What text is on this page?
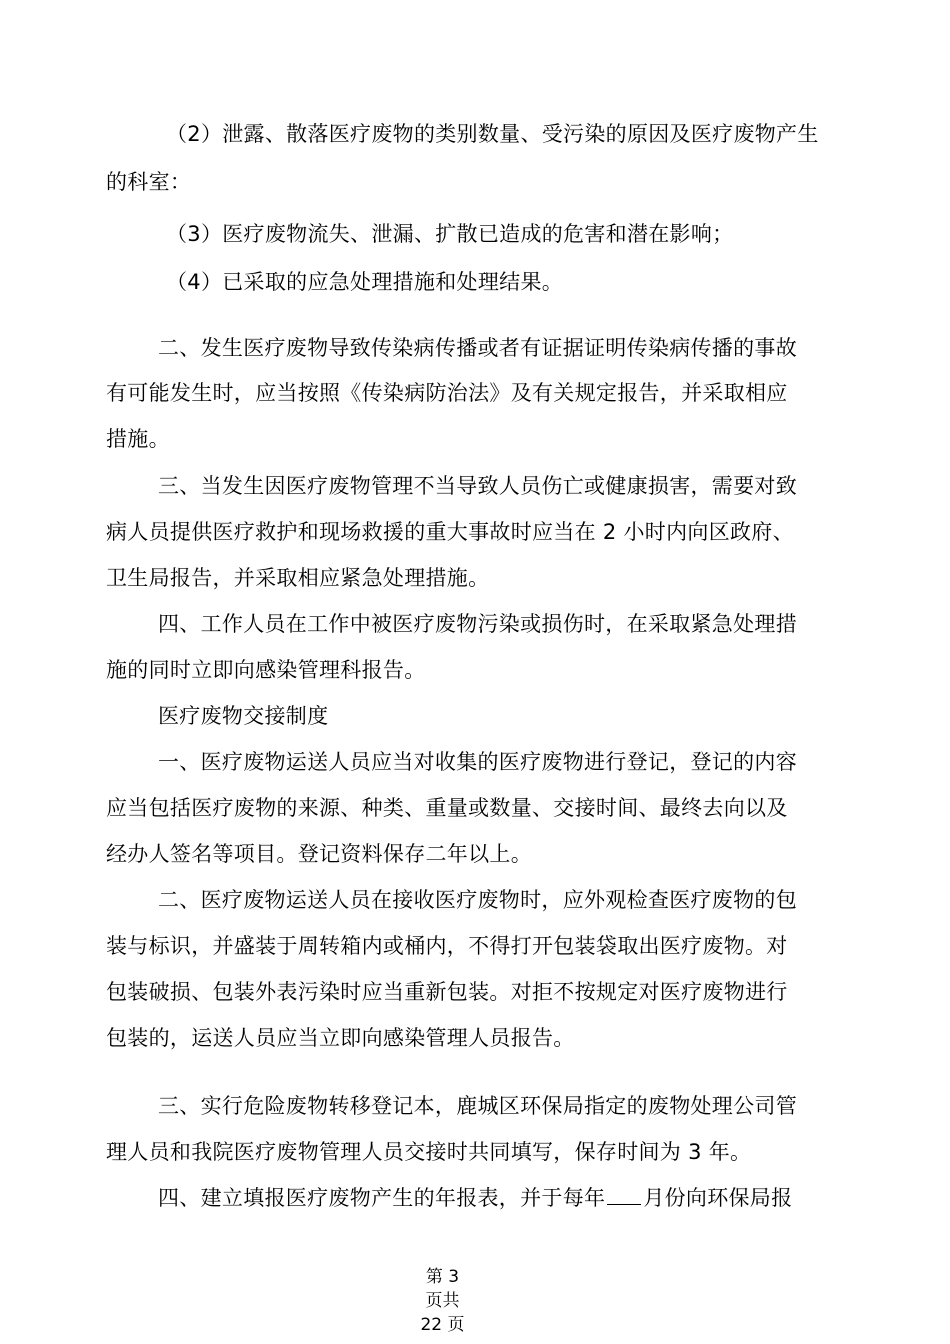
（2）泄露、散落医疗废物的类别数量、受污染的原因及医疗废物产生
的科室：
（3）医疗废物流失、泄漏、扩散已造成的危害和潜在影响；
（4）已采取的应急处理措施和处理结果。
二、发生医疗废物导致传染病传播或者有证据证明传染病传播的事故
有可能发生时，应当按照《传染病防治法》及有关规定报告，并采取相应
措施。
三、当发生因医疗废物管理不当导致人员伤亡或健康损害，需要对致
病人员提供医疗救护和现场救援的重大事故时应当在 2 小时内向区政府、
卫生局报告，并采取相应紧急处理措施。
四、工作人员在工作中被医疗废物污染或损伤时，在采取紧急处理措
施的同时立即向感染管理科报告。
医疗废物交接制度
一、医疗废物运送人员应当对收集的医疗废物进行登记，登记的内容
应当包括医疗废物的来源、种类、重量或数量、交接时间、最终去向以及
经办人签名等项目。登记资料保存二年以上。
二、医疗废物运送人员在接收医疗废物时，应外观检查医疗废物的包
装与标识，并盛装于周转箱内或桶内，不得打开包装袋取出医疗废物。对
包装破损、包装外表污染时应当重新包装。对拒不按规定对医疗废物进行
包装的，运送人员应当立即向感染管理人员报告。
三、实行危险废物转移登记本，鹿城区环保局指定的废物处理公司管
理人员和我院医疗废物管理人员交接时共同填写，保存时间为 3 年。
四、建立填报医疗废物产生的年报表，并于每年 月份向环保局报
第 3
页共
22 页
